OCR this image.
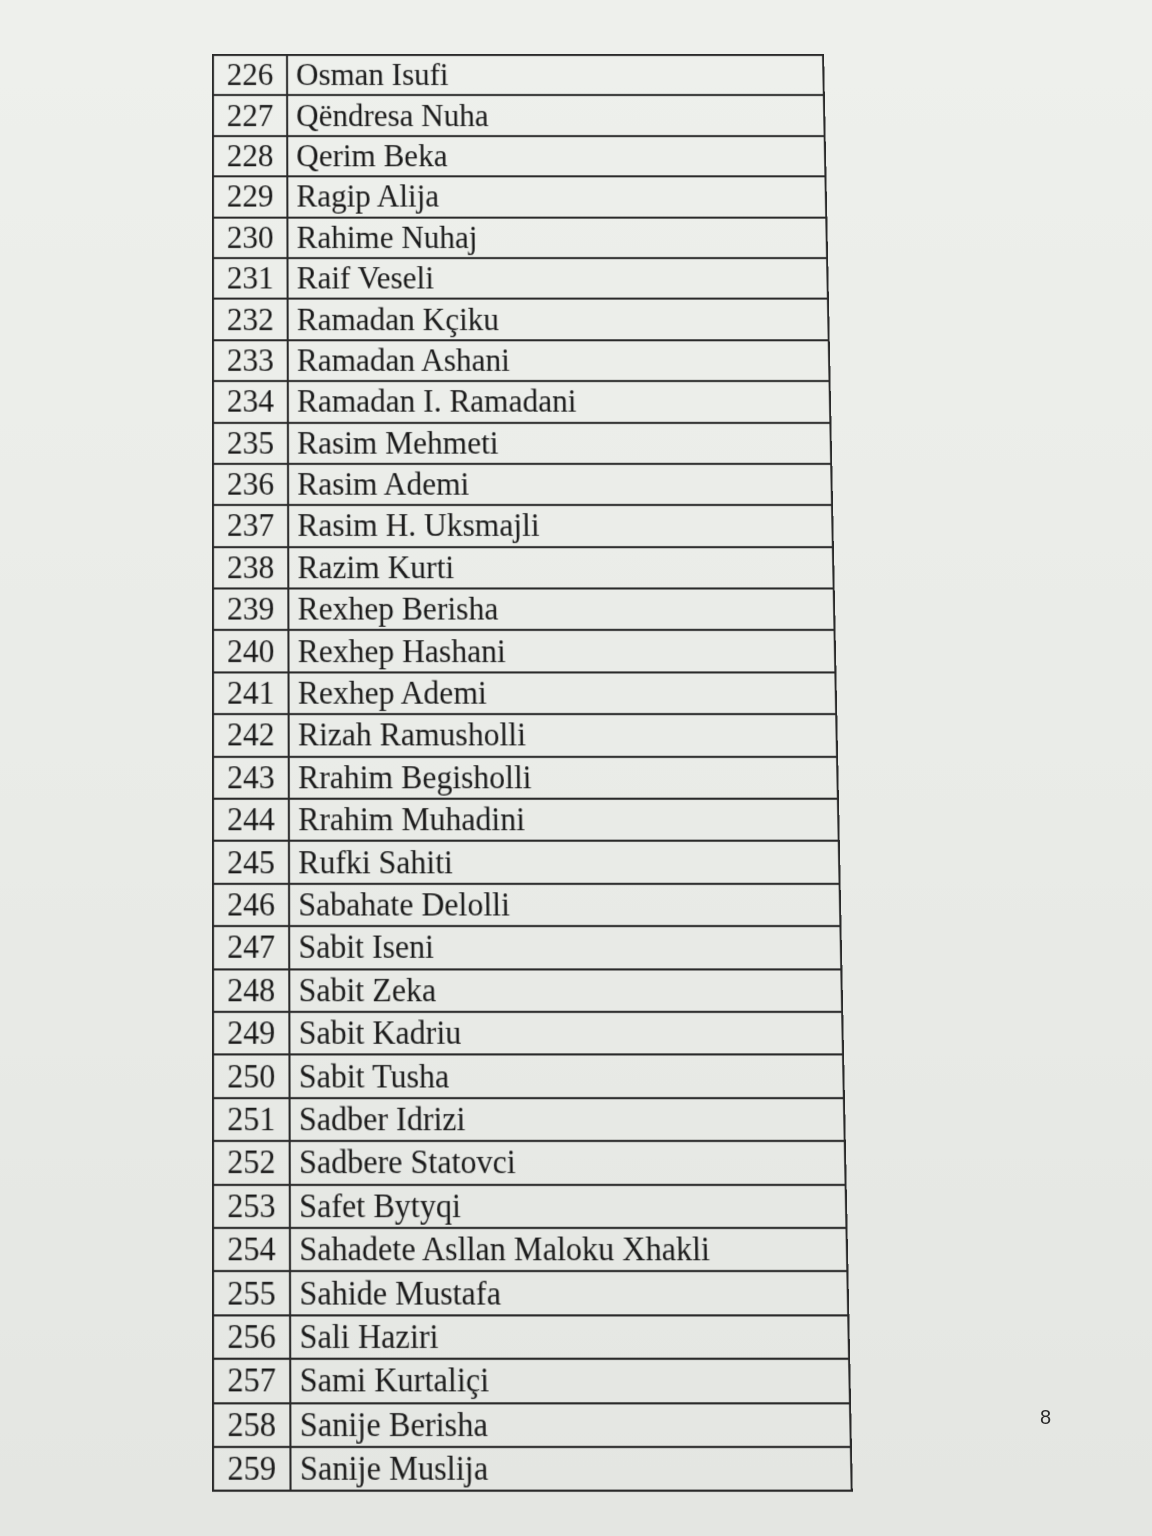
226	Osman Isufi
227	Qëndresa Nuha
228	Qerim Beka
229	Ragip Alija
230	Rahime Nuhaj
231	Raif Veseli
232	Ramadan Kçiku
233	Ramadan Ashani
234	Ramadan I. Ramadani
235	Rasim Mehmeti
236	Rasim Ademi
237	Rasim H. Uksmajli
238	Razim Kurti
239	Rexhep Berisha
240	Rexhep Hashani
241	Rexhep Ademi
242	Rizah Ramusholli
243	Rrahim Begisholli
244	Rrahim Muhadini
245	Rufki Sahiti
246	Sabahate Delolli
247	Sabit Iseni
248	Sabit Zeka
249	Sabit Kadriu
250	Sabit Tusha
251	Sadber Idrizi
252	Sadbere Statovci
253	Safet Bytyqi
254	Sahadete Asllan Maloku Xhakli
255	Sahide Mustafa
256	Sali Haziri
257	Sami Kurtaliçi
258	Sanije Berisha
259	Sanije Muslija
8
